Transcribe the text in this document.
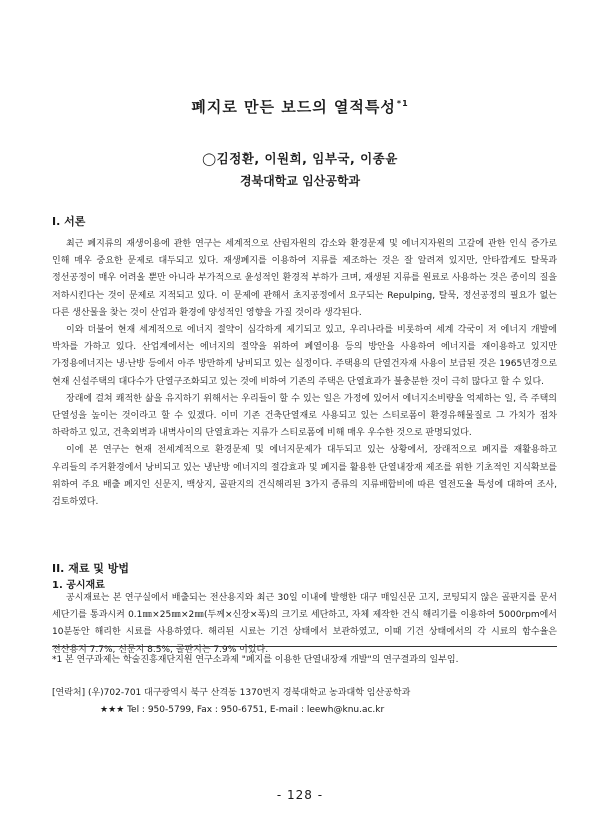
폐지로 만든 보드의 열적특성$^{*1}$
◯김정환, 이원희, 임부국, 이종윤
경북대학교 임산공학과
I. 서론

최근 폐지류의 재생이용에 관한 연구는 세계적으로 산림자원의 감소와 환경문제 및 에너지자원의 고갈에 관한 인식 증가로 인해 매우 중요한 문제로 대두되고 있다. 재생폐지를 이용하여 지류를 제조하는 것은 잘 알려져 있지만, 안타깝게도 탈묵과 정선공정이 매우 어려울 뿐만 아니라 부가적으로 윤성적인 환경적 부하가 크며, 재생된 지류를 원료로 사용하는 것은 종이의 질을 저하시킨다는 것이 문제로 지적되고 있다. 이 문제에 관해서 초지공정에서 요구되는 Repulping, 탈묵, 정선공정의 필요가 없는 다른 생산물을 찾는 것이 산업과 환경에 양성적인 영향을 가질 것이라 생각된다.

이와 더불어 현재 세계적으로 에너지 절약이 심각하게 제기되고 있고, 우리나라를 비롯하여 세계 각국이 저 에너지 개발에 박차를 가하고 있다. 산업계에서는 에너지의 절약을 위하여 폐열이용 등의 방안을 사용하여 에너지를 재이용하고 있지만 가정용에너지는 냉·난방 등에서 아주 방만하게 낭비되고 있는 실정이다. 주택용의 단열건자재 사용이 보급된 것은 1965년경으로 현재 신설주택의 대다수가 단열구조화되고 있는 것에 비하여 기존의 주택은 단열효과가 불충분한 것이 극히 많다고 할 수 있다.

장래에 걸쳐 쾌적한 삶을 유지하기 위해서는 우리들이 할 수 있는 일은 가정에 있어서 에너지소비량을 억제하는 일, 즉 주택의 단열성을 높이는 것이라고 할 수 있겠다. 이미 기존 건축단열재로 사용되고 있는 스티로폼이 환경유해물질로 그 가치가 점차 하락하고 있고, 건축외벽과 내벽사이의 단열효과는 지류가 스티로폼에 비해 매우 우수한 것으로 판명되었다.

이에 본 연구는 현재 전세계적으로 환경문제 및 에너지문제가 대두되고 있는 상황에서, 장래적으로 폐지를 재활용하고 우리들의 주거환경에서 낭비되고 있는 냉난방 에너지의 절감효과 및 폐지를 활용한 단열내장재 제조를 위한 기초적인 지식확보를 위하여 주요 배출 폐지인 신문지, 백상지, 골판지의 건식해리된 3가지 종류의 지류배합비에 따른 열전도율 특성에 대하여 조사, 검토하였다.

II. 재료 및 방법
1. 공시재료

공시재료는 본 연구실에서 배출되는 전산용지와 최근 30일 이내에 발행한 대구 매일신문 고지, 코팅되지 않은 골판지를 문서 세단기를 통과시켜 0.1㎜×25㎜×2㎜(두께×신장×폭)의 크기로 세단하고, 자체 제작한 건식 해리기를 이용하여 5000rpm에서 10분동안 해리한 시료를 사용하였다. 해리된 시료는 기건 상태에서 보관하였고, 이때 기건 상태에서의 각 시료의 함수율은 전산용지 7.7%, 신문지 8.5%, 골판지는 7.9% 이었다.

*1 본 연구과제는 학술진흥재단지원 연구소과제 "폐지를 이용한 단열내장재 개발"의 연구결과의 일부임.
[연락처] (우)702-701 대구광역시 북구 산격동 1370번지 경북대학교 농과대학 임산공학과
★★★ Tel : 950-5799, Fax : 950-6751, E-mail : leewh@knu.ac.kr
- 128 -
